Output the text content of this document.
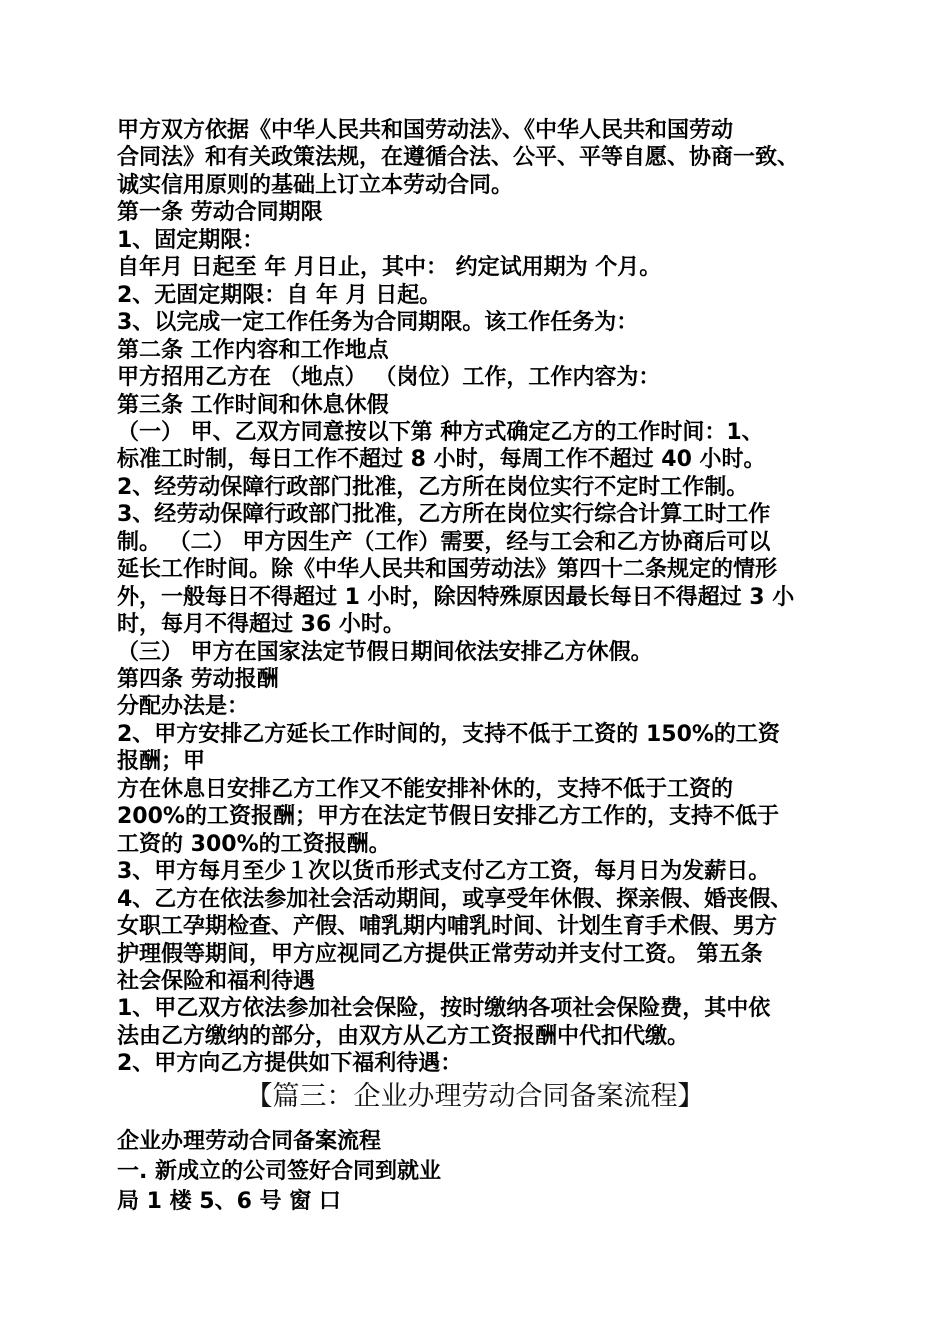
甲方双方依据《中华人民共和国劳动法》、《中华人民共和国劳动
合同法》和有关政策法规，在遵循合法、公平、平等自愿、协商一致、
诚实信用原则的基础上订立本劳动合同。
第一条 劳动合同期限
1、固定期限：
自年月 日起至 年 月日止，其中： 约定试用期为 个月。
2、无固定期限：自 年 月 日起。
3、以完成一定工作任务为合同期限。该工作任务为：
第二条 工作内容和工作地点
甲方招用乙方在 （地点） （岗位）工作，工作内容为：
第三条 工作时间和休息休假
（一） 甲、乙双方同意按以下第 种方式确定乙方的工作时间：1、
标准工时制，每日工作不超过 8 小时，每周工作不超过 40 小时。
2、经劳动保障行政部门批准，乙方所在岗位实行不定时工作制。
3、经劳动保障行政部门批准，乙方所在岗位实行综合计算工时工作
制。 （二） 甲方因生产（工作）需要，经与工会和乙方协商后可以
延长工作时间。除《中华人民共和国劳动法》第四十二条规定的情形
外，一般每日不得超过 1 小时，除因特殊原因最长每日不得超过 3 小
时，每月不得超过 36 小时。
（三） 甲方在国家法定节假日期间依法安排乙方休假。
第四条 劳动报酬
分配办法是：
2、甲方安排乙方延长工作时间的，支持不低于工资的 150%的工资
报酬；甲
方在休息日安排乙方工作又不能安排补休的，支持不低于工资的
200%的工资报酬；甲方在法定节假日安排乙方工作的，支持不低于
工资的 300%的工资报酬。
3、甲方每月至少１次以货币形式支付乙方工资，每月日为发薪日。
4、乙方在依法参加社会活动期间，或享受年休假、探亲假、婚丧假、
女职工孕期检查、产假、哺乳期内哺乳时间、计划生育手术假、男方
护理假等期间，甲方应视同乙方提供正常劳动并支付工资。 第五条
社会保险和福利待遇
1、甲乙双方依法参加社会保险，按时缴纳各项社会保险费，其中依
法由乙方缴纳的部分，由双方从乙方工资报酬中代扣代缴。
2、甲方向乙方提供如下福利待遇：
【篇三：企业办理劳动合同备案流程】
企业办理劳动合同备案流程
一. 新成立的公司签好合同到就业
局 1 楼 5、6 号 窗 口
